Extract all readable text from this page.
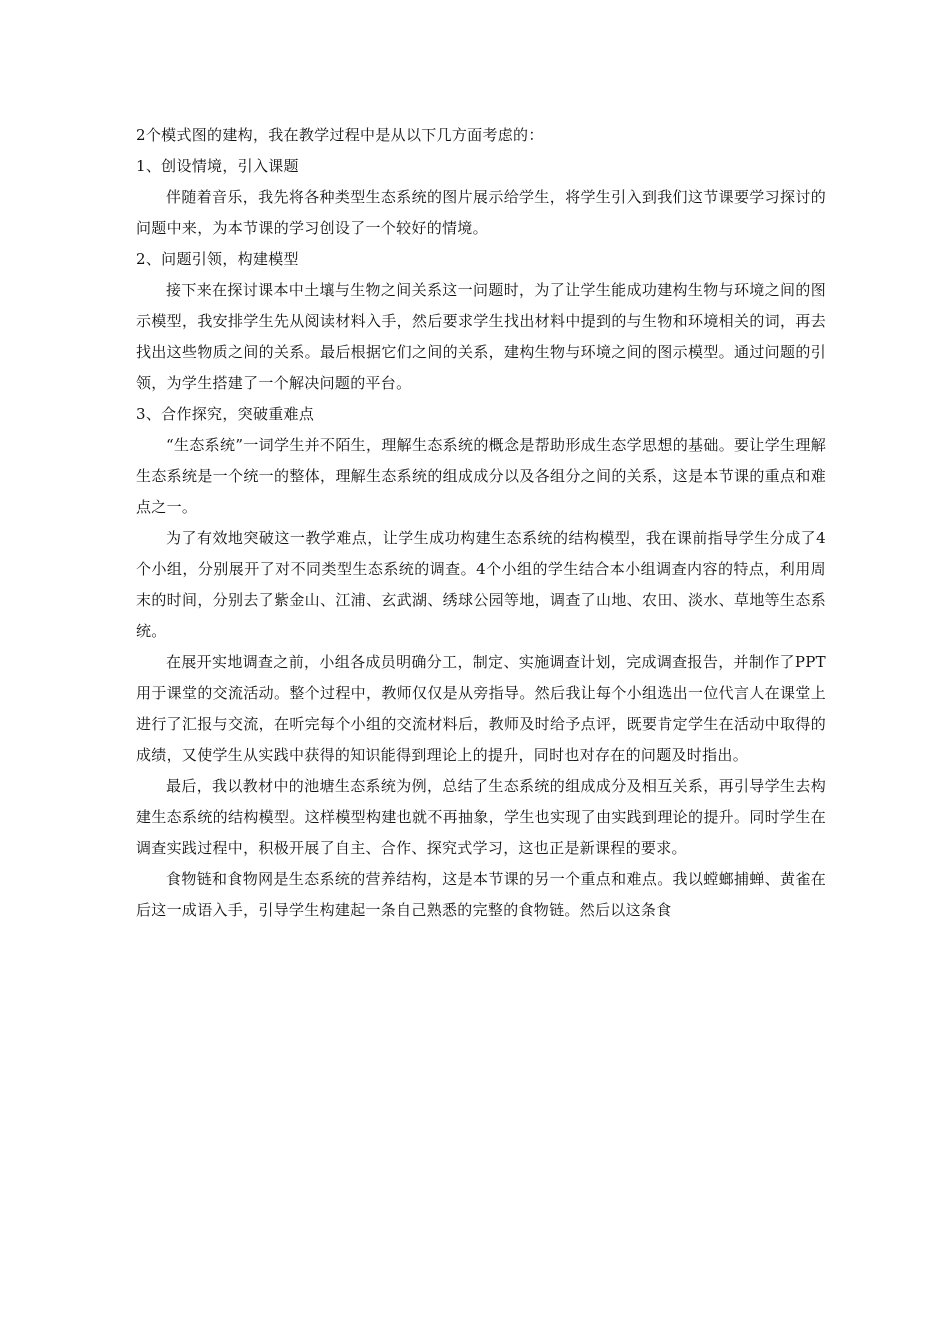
2个模式图的建构，我在教学过程中是从以下几方面考虑的：
1、创设情境，引入课题

伴随着音乐，我先将各种类型生态系统的图片展示给学生，将学生引入到我们这节课要学习探讨的问题中来，为本节课的学习创设了一个较好的情境。

2、问题引领，构建模型

接下来在探讨课本中土壤与生物之间关系这一问题时，为了让学生能成功建构生物与环境之间的图示模型，我安排学生先从阅读材料入手，然后要求学生找出材料中提到的与生物和环境相关的词，再去找出这些物质之间的关系。最后根据它们之间的关系，建构生物与环境之间的图示模型。通过问题的引领，为学生搭建了一个解决问题的平台。

3、合作探究，突破重难点

“生态系统”一词学生并不陌生，理解生态系统的概念是帮助形成生态学思想的基础。要让学生理解生态系统是一个统一的整体，理解生态系统的组成成分以及各组分之间的关系，这是本节课的重点和难点之一。

为了有效地突破这一教学难点，让学生成功构建生态系统的结构模型，我在课前指导学生分成了4个小组，分别展开了对不同类型生态系统的调查。4个小组的学生结合本小组调查内容的特点，利用周末的时间，分别去了紫金山、江浦、玄武湖、绣球公园等地，调查了山地、农田、淡水、草地等生态系统。

在展开实地调查之前，小组各成员明确分工，制定、实施调查计划，完成调查报告，并制作了PPT用于课堂的交流活动。整个过程中，教师仅仅是从旁指导。然后我让每个小组选出一位代言人在课堂上进行了汇报与交流，在听完每个小组的交流材料后，教师及时给予点评，既要肯定学生在活动中取得的成绩，又使学生从实践中获得的知识能得到理论上的提升，同时也对存在的问题及时指出。

最后，我以教材中的池塘生态系统为例，总结了生态系统的组成成分及相互关系，再引导学生去构建生态系统的结构模型。这样模型构建也就不再抽象，学生也实现了由实践到理论的提升。同时学生在调查实践过程中，积极开展了自主、合作、探究式学习，这也正是新课程的要求。

食物链和食物网是生态系统的营养结构，这是本节课的另一个重点和难点。我以螳螂捕蝉、黄雀在后这一成语入手，引导学生构建起一条自己熟悉的完整的食物链。然后以这条食
